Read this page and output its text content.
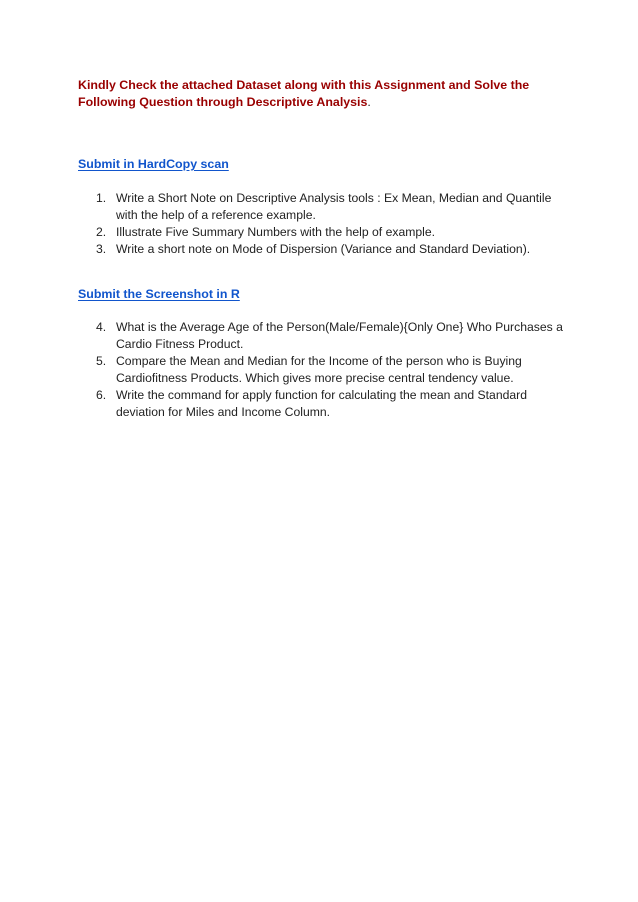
Kindly Check the attached Dataset along with this Assignment and Solve the Following Question through Descriptive Analysis.
Submit in HardCopy scan
1. Write a Short Note on Descriptive Analysis tools : Ex Mean, Median and Quantile with the help of a reference example.
2. Illustrate Five Summary Numbers with the help of example.
3. Write a short note on Mode of Dispersion (Variance and Standard Deviation).
Submit the Screenshot in R
4. What is the Average Age of the Person(Male/Female){Only One} Who Purchases a Cardio Fitness Product.
5. Compare the Mean and Median for the Income of the person who is Buying Cardiofitness Products. Which gives more precise central tendency value.
6. Write the command for apply function for calculating the mean and Standard deviation for Miles and Income Column.
